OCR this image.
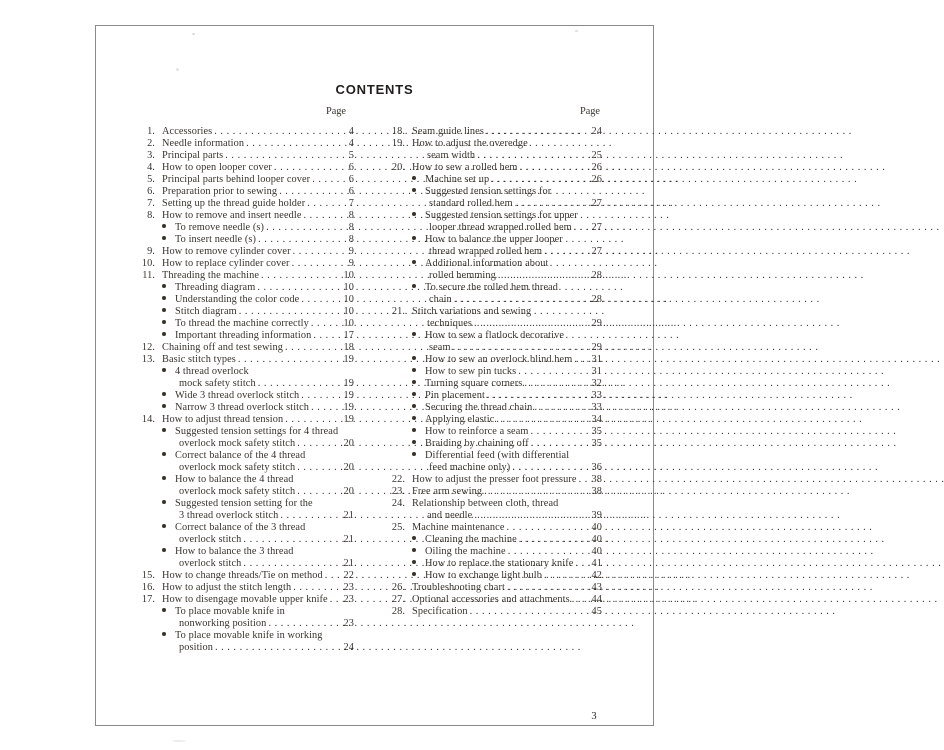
CONTENTS
Page	Page
1. Accessories . . .	4
2. Needle information . . .	4
3. Principal parts . . .	5
4. How to open looper cover . . .	6
5. Principal parts behind looper cover . . .	6
6. Preparation prior to sewing . . .	6
7. Setting up the thread guide holder . . .	7
8. How to remove and insert needle . . .	8
To remove needle (s) . . .	8
To insert needle (s) . . .	8
9. How to remove cylinder cover . . .	9
10. How to replace cylinder cover . . .	9
11. Threading the machine . . .	10
Threading diagram . . .	10
Understanding the color code . . .	10
Stitch diagram . . .	10
To thread the machine correctly . . .	10
Important threading information . . .	17
12. Chaining off and test sewing . . .	18
13. Basic stitch types . . .	19
4 thread overlock
mock safety stitch . . .	19
Wide 3 thread overlock stitch . . .	19
Narrow 3 thread overlock stitch . . .	19
14. How to adjust thread tension . . .	19
Suggested tension settings for 4 thread
overlock mock safety stitch . . .	20
Correct balance of the 4 thread
overlock mock safety stitch . . .	20
How to balance the 4 thread
overlock mock safety stitch . . .	20
Suggested tension setting for the
3 thread overlock stitch . . .	21
Correct balance of the 3 thread
overlock stitch . . .	21
How to balance the 3 thread
overlock stitch . . .	21
15. How to change threads/Tie on method . . . 22
16. How to adjust the stitch length . . .	23
17. How to disengage movable upper knife . . . 23
To place movable knife in
nonworking position . . .	23
To place movable knife in working
position . . .	24
18. Seam guide lines . . .	24
19. How to adjust the overedge
seam width . . .	25
20. How to sew a rolled hem . . .	26
Machine set up . . .	26
Suggested tension settings for
standard rolled hem . . .	27
Suggested tension settings for upper
looper thread wrapped rolled hem . . . 27
How to balance the upper looper
thread wrapped rolled hem . . .	27
Additional information about
rolled hemming . . .	28
To secure the rolled hem thread
chain . . .	28
21. Stitch variations and sewing
techniques . . .	29
How to sew a flatlock decorative
seam . . .	29
How to sew an overlock blind hem . . . 31
How to sew pin tucks . . .	31
Turning square corners . . .	32
Pin placement . . .	33
Securing the thread chain . . .	33
Applying elastic . . .	34
How to reinforce a seam . . .	35
Braiding by chaining off . . .	35
Differential feed (with differential
feed machine only) . . .	36
22. How to adjust the presser foot pressure . . . 38
23. Free arm sewing . . .	38
24. Relationship between cloth, thread
and needle . . .	39
25. Machine maintenance . . .	40
Cleaning the machine . . .	40
Oiling the machine . . .	40
How to replace the stationary knife . . . 41
How to exchange light bulb . . .	42
26. Troubleshooting chart . . .	43
27. Optional accessories and attachments . . . 44
28. Specification . . .	45
3
